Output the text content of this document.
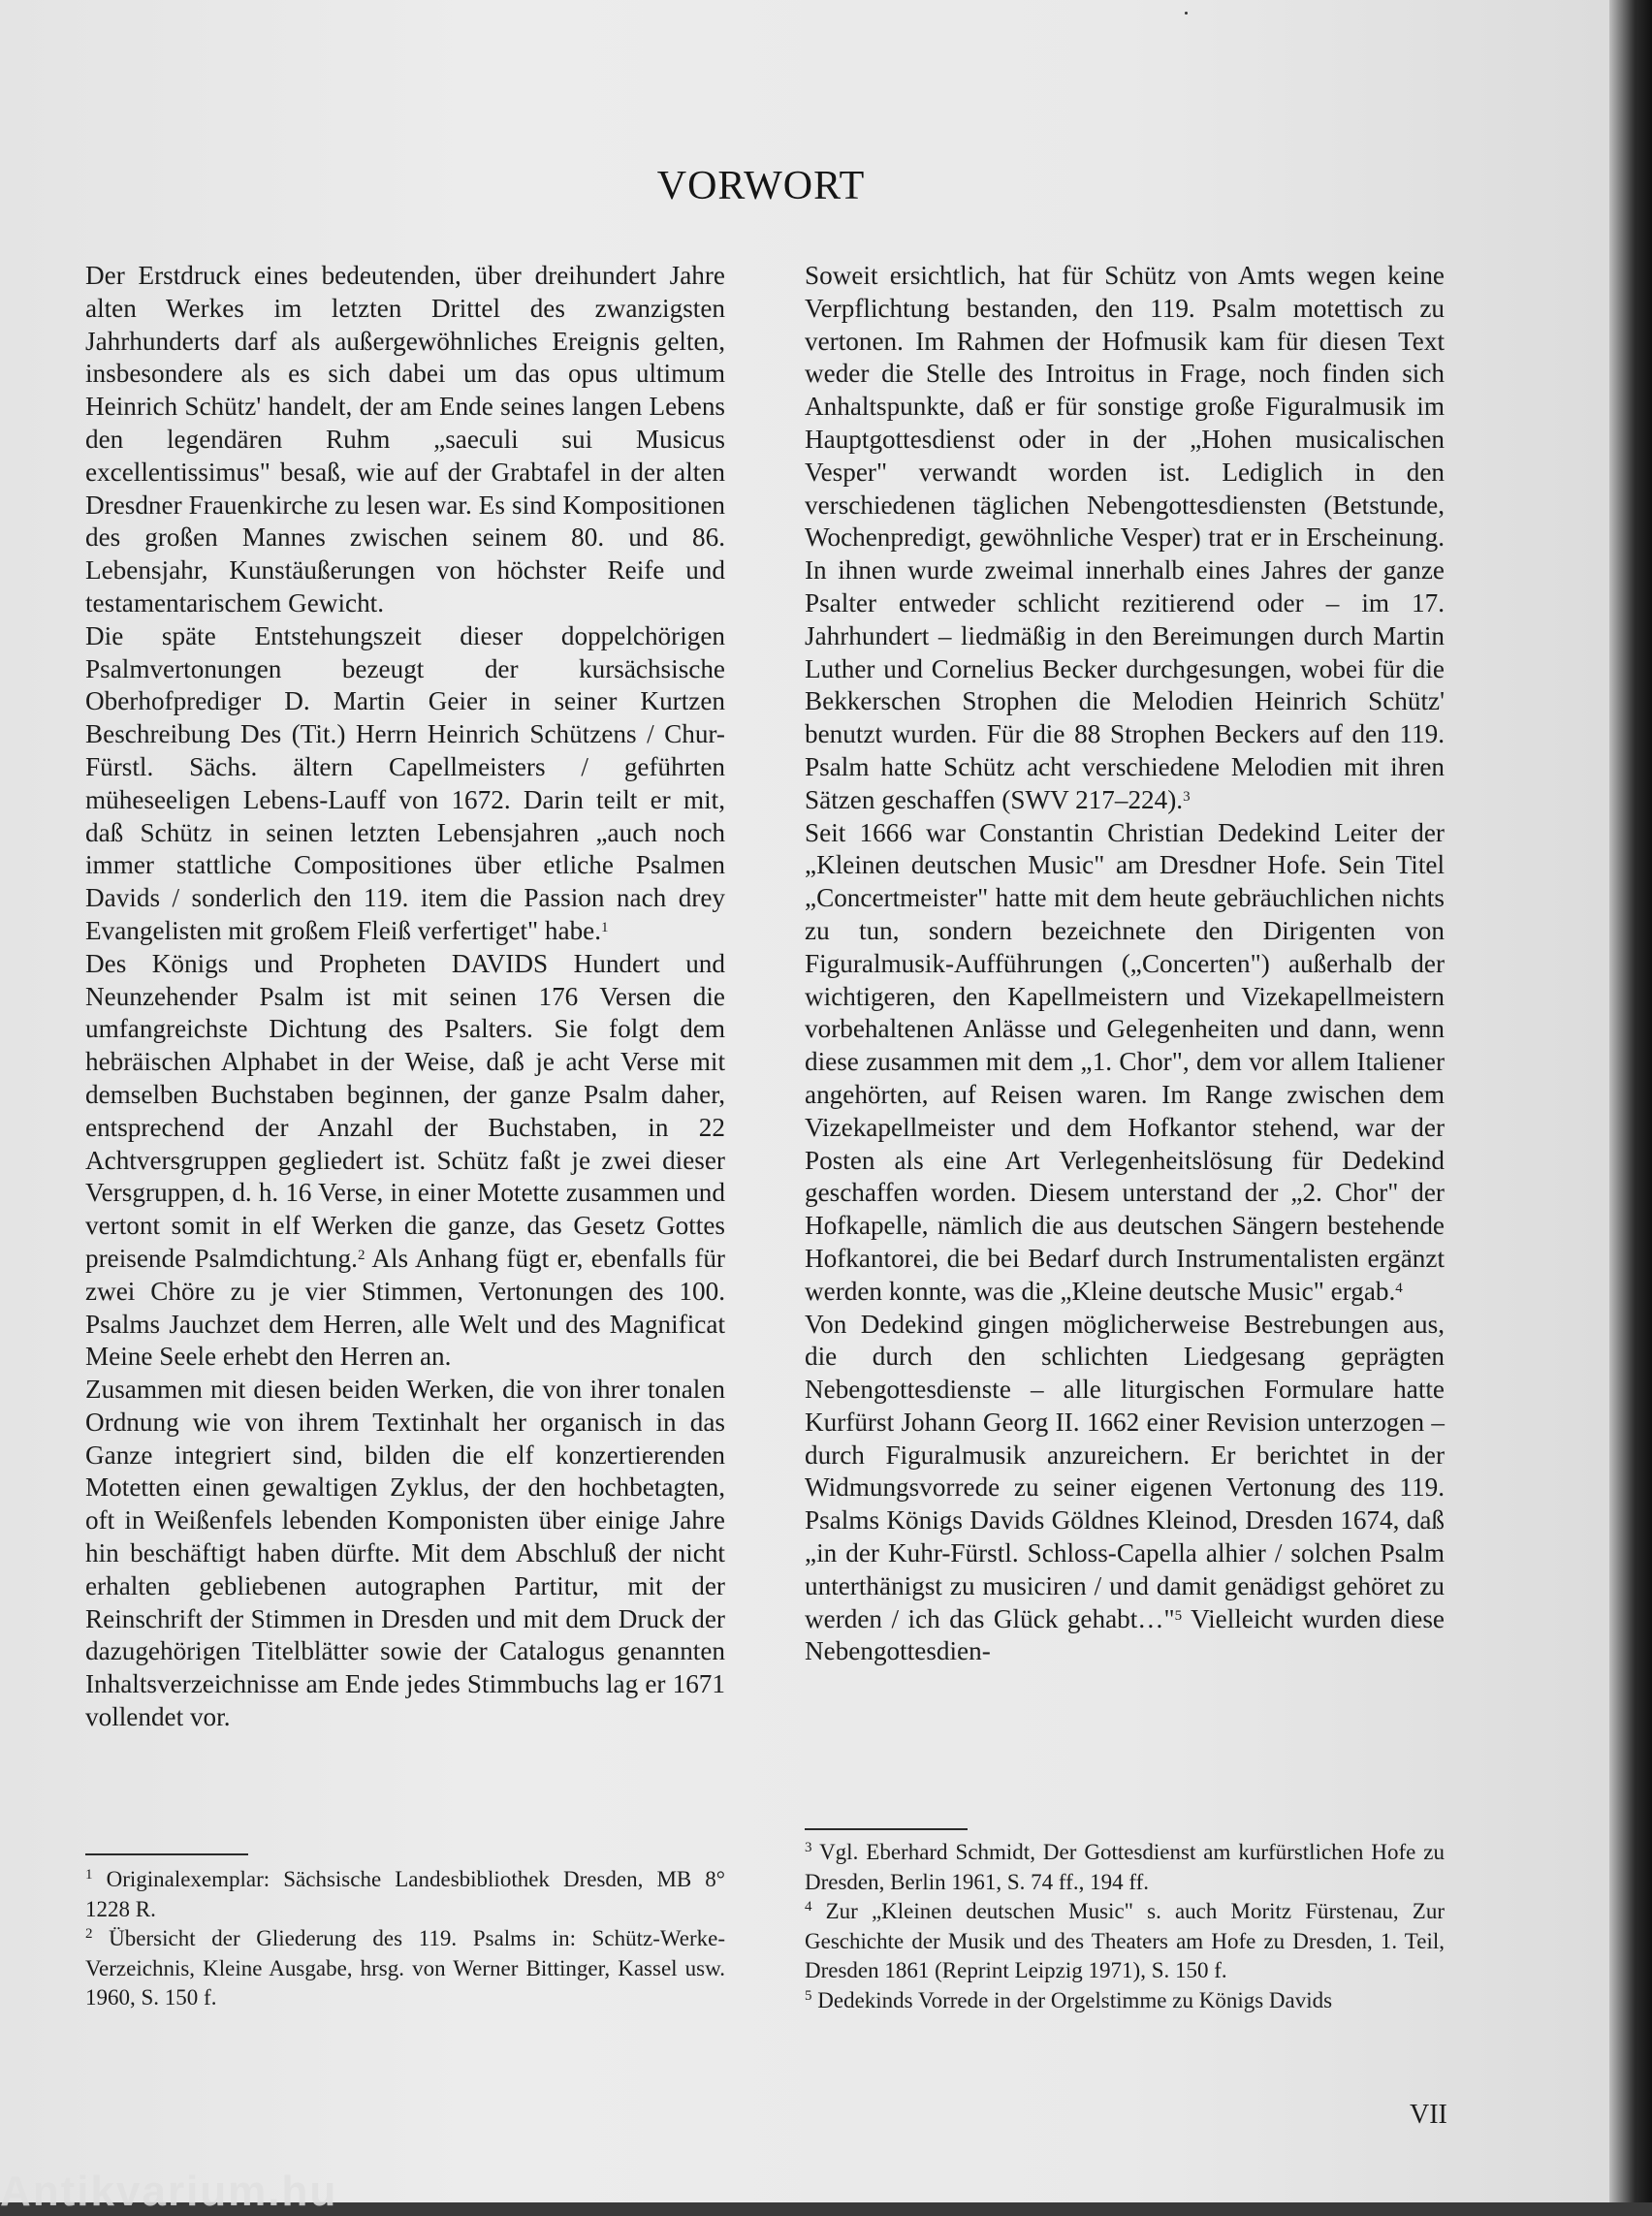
VORWORT

Der Erstdruck eines bedeutenden, über dreihundert Jahre alten Werkes im letzten Drittel des zwanzigsten Jahrhunderts darf als außergewöhnliches Ereignis gelten, insbesondere als es sich dabei um das opus ultimum Heinrich Schütz' handelt, der am Ende seines langen Lebens den legendären Ruhm „saeculi sui Musicus excellentissimus" besaß, wie auf der Grabtafel in der alten Dresdner Frauenkirche zu lesen war. Es sind Kompositionen des großen Mannes zwischen seinem 80. und 86. Lebensjahr, Kunstäußerungen von höchster Reife und testamentarischem Gewicht.

Die späte Entstehungszeit dieser doppelchörigen Psalmvertonungen bezeugt der kursächsische Oberhofprediger D. Martin Geier in seiner Kurtzen Beschreibung Des (Tit.) Herrn Heinrich Schützens / Chur-Fürstl. Sächs. ältern Capellmeisters / geführten müheseeligen Lebens-Lauff von 1672. Darin teilt er mit, daß Schütz in seinen letzten Lebensjahren „auch noch immer stattliche Compositiones über etliche Psalmen Davids / sonderlich den 119. item die Passion nach drey Evangelisten mit großem Fleiß verfertiget" habe.$^1$

Des Königs und Propheten DAVIDS Hundert und Neunzehender Psalm ist mit seinen 176 Versen die umfangreichste Dichtung des Psalters. Sie folgt dem hebräischen Alphabet in der Weise, daß je acht Verse mit demselben Buchstaben beginnen, der ganze Psalm daher, entsprechend der Anzahl der Buchstaben, in 22 Achtversgruppen gegliedert ist. Schütz faßt je zwei dieser Versgruppen, d. h. 16 Verse, in einer Motette zusammen und vertont somit in elf Werken die ganze, das Gesetz Gottes preisende Psalmdichtung.$^2$ Als Anhang fügt er, ebenfalls für zwei Chöre zu je vier Stimmen, Vertonungen des 100. Psalms Jauchzet dem Herren, alle Welt und des Magnificat Meine Seele erhebt den Herren an.

Zusammen mit diesen beiden Werken, die von ihrer tonalen Ordnung wie von ihrem Textinhalt her organisch in das Ganze integriert sind, bilden die elf konzertierenden Motetten einen gewaltigen Zyklus, der den hochbetagten, oft in Weißenfels lebenden Komponisten über einige Jahre hin beschäftigt haben dürfte. Mit dem Abschluß der nicht erhalten gebliebenen autographen Partitur, mit der Reinschrift der Stimmen in Dresden und mit dem Druck der dazugehörigen Titelblätter sowie der Catalogus genannten Inhaltsverzeichnisse am Ende jedes Stimmbuchs lag er 1671 vollendet vor.

Soweit ersichtlich, hat für Schütz von Amts wegen keine Verpflichtung bestanden, den 119. Psalm motettisch zu vertonen. Im Rahmen der Hofmusik kam für diesen Text weder die Stelle des Introitus in Frage, noch finden sich Anhaltspunkte, daß er für sonstige große Figuralmusik im Hauptgottesdienst oder in der „Hohen musicalischen Vesper" verwandt worden ist. Lediglich in den verschiedenen täglichen Nebengottesdiensten (Betstunde, Wochenpredigt, gewöhnliche Vesper) trat er in Erscheinung. In ihnen wurde zweimal innerhalb eines Jahres der ganze Psalter entweder schlicht rezitierend oder – im 17. Jahrhundert – liedmäßig in den Bereimungen durch Martin Luther und Cornelius Becker durchgesungen, wobei für die Bekkerschen Strophen die Melodien Heinrich Schütz' benutzt wurden. Für die 88 Strophen Beckers auf den 119. Psalm hatte Schütz acht verschiedene Melodien mit ihren Sätzen geschaffen (SWV 217–224).$^3$

Seit 1666 war Constantin Christian Dedekind Leiter der „Kleinen deutschen Music" am Dresdner Hofe. Sein Titel „Concertmeister" hatte mit dem heute gebräuchlichen nichts zu tun, sondern bezeichnete den Dirigenten von Figuralmusik-Aufführungen („Concerten") außerhalb der wichtigeren, den Kapellmeistern und Vizekapellmeistern vorbehaltenen Anlässe und Gelegenheiten und dann, wenn diese zusammen mit dem „1. Chor", dem vor allem Italiener angehörten, auf Reisen waren. Im Range zwischen dem Vizekapellmeister und dem Hofkantor stehend, war der Posten als eine Art Verlegenheitslösung für Dedekind geschaffen worden. Diesem unterstand der „2. Chor" der Hofkapelle, nämlich die aus deutschen Sängern bestehende Hofkantorei, die bei Bedarf durch Instrumentalisten ergänzt werden konnte, was die „Kleine deutsche Music" ergab.$^4$

Von Dedekind gingen möglicherweise Bestrebungen aus, die durch den schlichten Liedgesang geprägten Nebengottesdienste – alle liturgischen Formulare hatte Kurfürst Johann Georg II. 1662 einer Revision unterzogen – durch Figuralmusik anzureichern. Er berichtet in der Widmungsvorrede zu seiner eigenen Vertonung des 119. Psalms Königs Davids Göldnes Kleinod, Dresden 1674, daß „in der Kuhr-Fürstl. Schloss-Capella alhier / solchen Psalm unterthänigst zu musiciren / und damit genädigst gehöret zu werden / ich das Glück gehabt…"$^5$ Vielleicht wurden diese Nebengottesdien-

$^1$ Originalexemplar: Sächsische Landesbibliothek Dresden, MB 8° 1228 R.

$^2$ Übersicht der Gliederung des 119. Psalms in: Schütz-Werke-Verzeichnis, Kleine Ausgabe, hrsg. von Werner Bittinger, Kassel usw. 1960, S. 150 f.

$^3$ Vgl. Eberhard Schmidt, Der Gottesdienst am kurfürstlichen Hofe zu Dresden, Berlin 1961, S. 74 ff., 194 ff.

$^4$ Zur „Kleinen deutschen Music" s. auch Moritz Fürstenau, Zur Geschichte der Musik und des Theaters am Hofe zu Dresden, 1. Teil, Dresden 1861 (Reprint Leipzig 1971), S. 150 f.

$^5$ Dedekinds Vorrede in der Orgelstimme zu Königs Davids

VII
Antikvarium.hu
